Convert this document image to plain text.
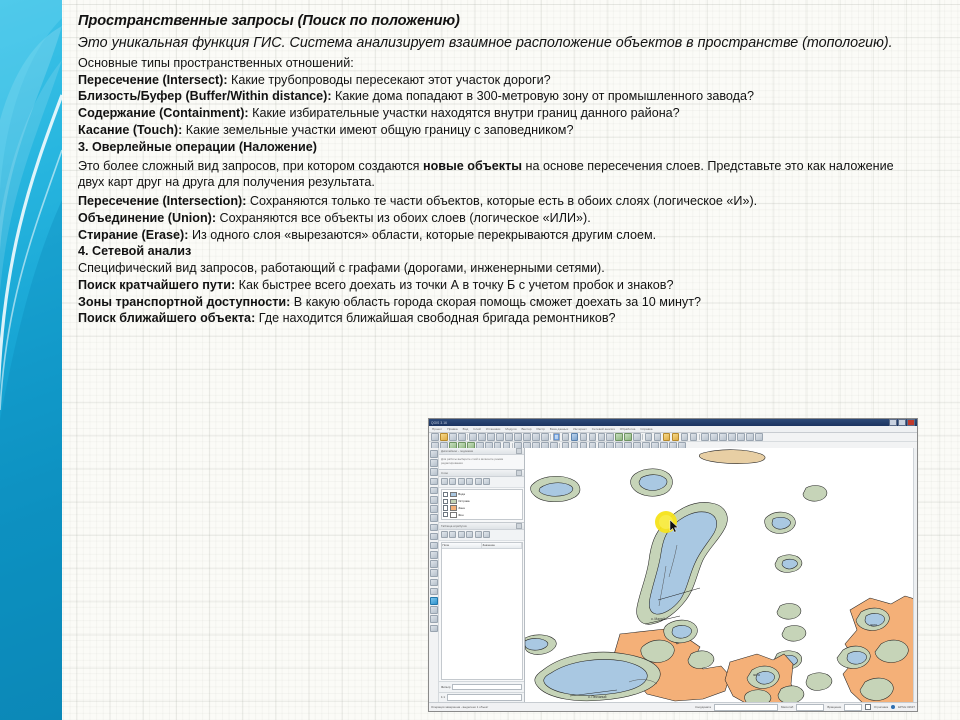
Пространственные запросы (Поиск по положению)
Это уникальная функция ГИС. Система анализирует взаимное расположение объектов в пространстве (топологию).
Основные типы пространственных отношений:
Пересечение (Intersect): Какие трубопроводы пересекают этот участок дороги?
Близость/Буфер (Buffer/Within distance): Какие дома попадают в 300-метровую зону от промышленного завода?
Содержание (Containment): Какие избирательные участки находятся внутри границ данного района?
Касание (Touch): Какие земельные участки имеют общую границу с заповедником?
3. Оверлейные операции (Наложение)
Это более сложный вид запросов, при котором создаются новые объекты на основе пересечения слоев. Представьте это как наложение двух карт друг на друга для получения результата.
Пересечение (Intersection): Сохраняются только те части объектов, которые есть в обоих слоях (логическое «И»).
Объединение (Union): Сохраняются все объекты из обоих слоев (логическое «ИЛИ»).
Стирание (Erase): Из одного слоя «вырезаются» области, которые перекрываются другим слоем.
4. Сетевой анализ
Специфический вид запросов, работающий с графами (дорогами, инженерными сетями).
Поиск кратчайшего пути: Как быстрее всего доехать из точки А в точку Б с учетом пробок и знаков?
Зоны транспортной доступности: В какую область города скорая помощь сможет доехать за 10 минут?
Поиск ближайшего объекта: Где находится ближайшая свободная бригада ремонтников?
QGIS 3.16
Проект Правка Вид Слой Установки Модули Вектор Растр База данных Интернет Сетевой анализ Обработка Справка
Дигитайзинг - подсказки
Для работы выберите слой и включите режим редактирования
Слои
Вода
Острова
Зона
Фон
Таблица атрибутов
Поле	Значение
Фильтр
1:1
о. Малый
о. Песчаный
зона
зона
Операция завершена - выделено 1 объект	Координата	Масштаб	Вращение	Отрисовка	EPSG:32637
